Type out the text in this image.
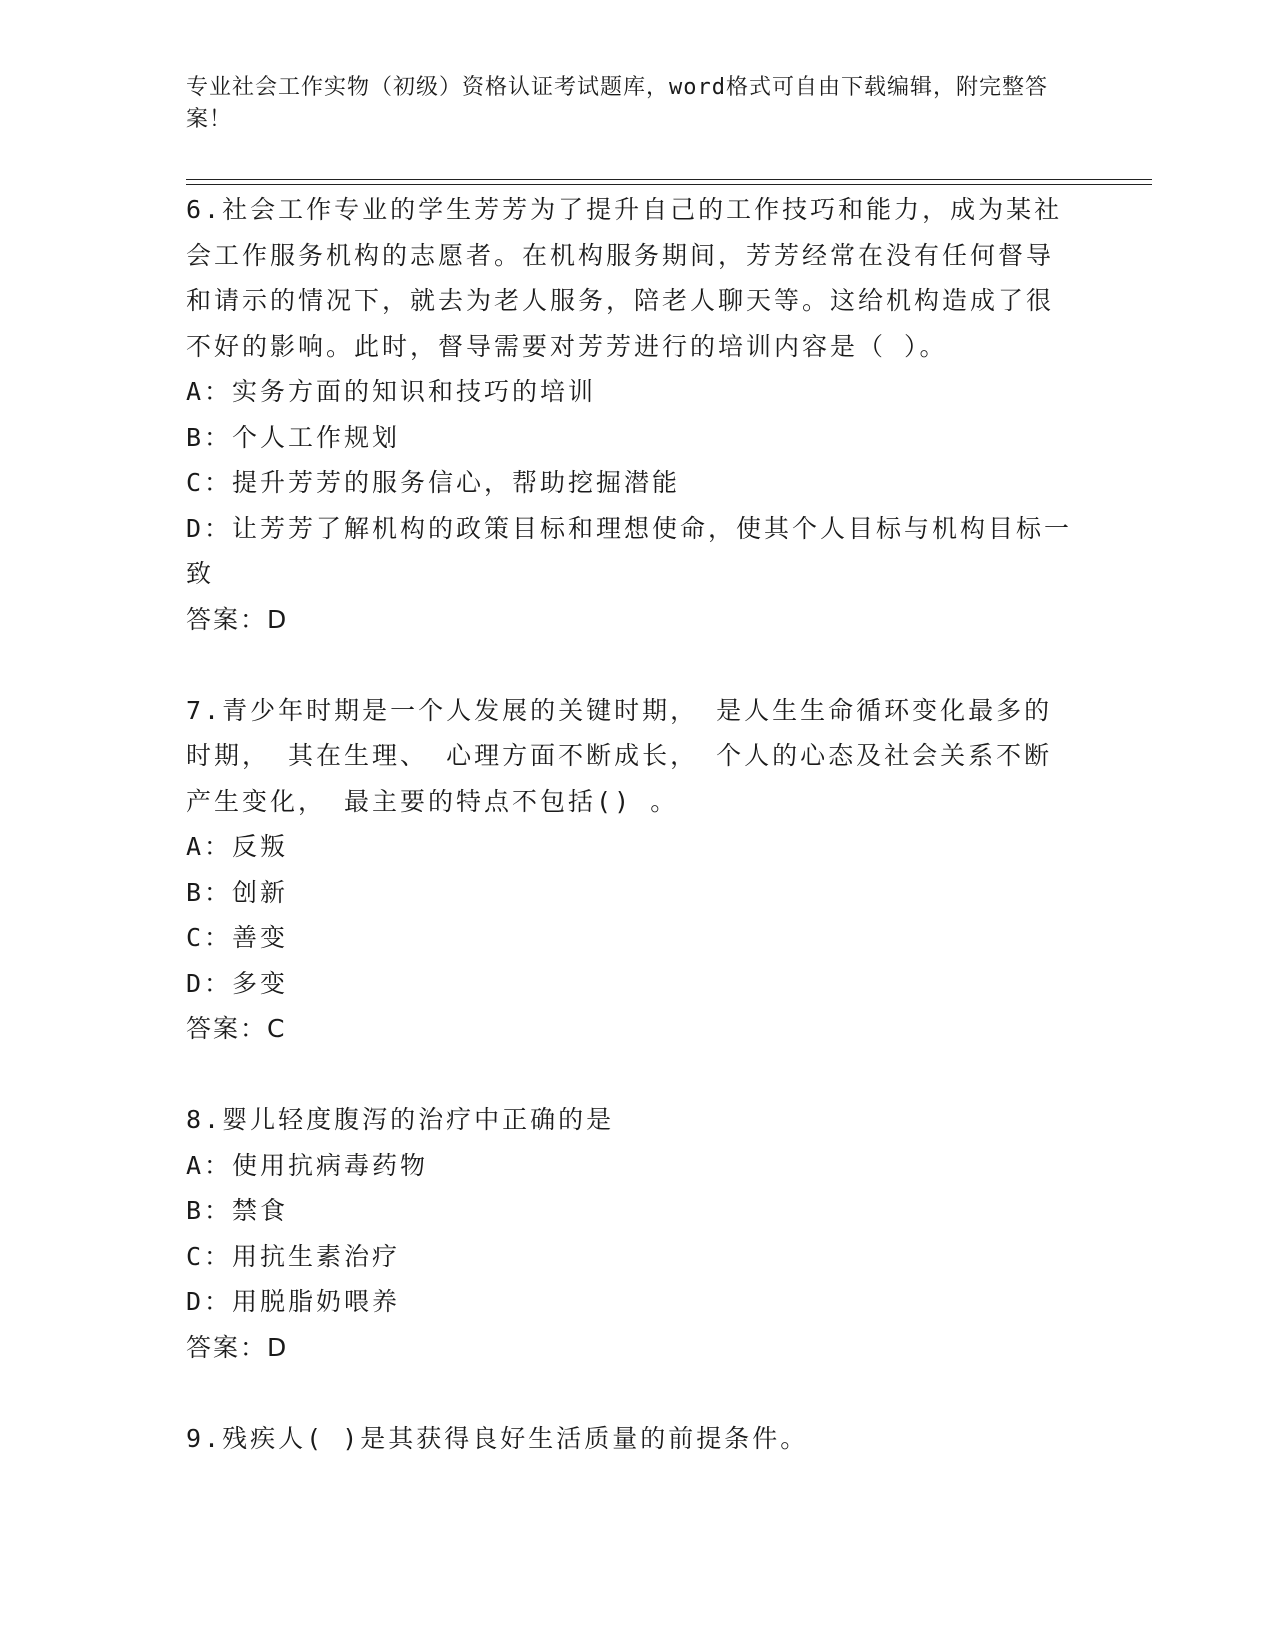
专业社会工作实物（初级）资格认证考试题库，word格式可自由下载编辑，附完整答案！

6.社会工作专业的学生芳芳为了提升自己的工作技巧和能力，成为某社会工作服务机构的志愿者。在机构服务期间，芳芳经常在没有任何督导和请示的情况下，就去为老人服务，陪老人聊天等。这给机构造成了很不好的影响。此时，督导需要对芳芳进行的培训内容是（ ）。

A：实务方面的知识和技巧的培训

B：个人工作规划

C：提升芳芳的服务信心，帮助挖掘潜能

D：让芳芳了解机构的政策目标和理想使命，使其个人目标与机构目标一致

答案：D

7.青少年时期是一个人发展的关键时期， 是人生生命循环变化最多的时期， 其在生理、 心理方面不断成长， 个人的心态及社会关系不断产生变化， 最主要的特点不包括() 。

A：反叛

B：创新

C：善变

D：多变

答案：C

8.婴儿轻度腹泻的治疗中正确的是

A：使用抗病毒药物

B：禁食

C：用抗生素治疗

D：用脱脂奶喂养

答案：D

9.残疾人( )是其获得良好生活质量的前提条件。
